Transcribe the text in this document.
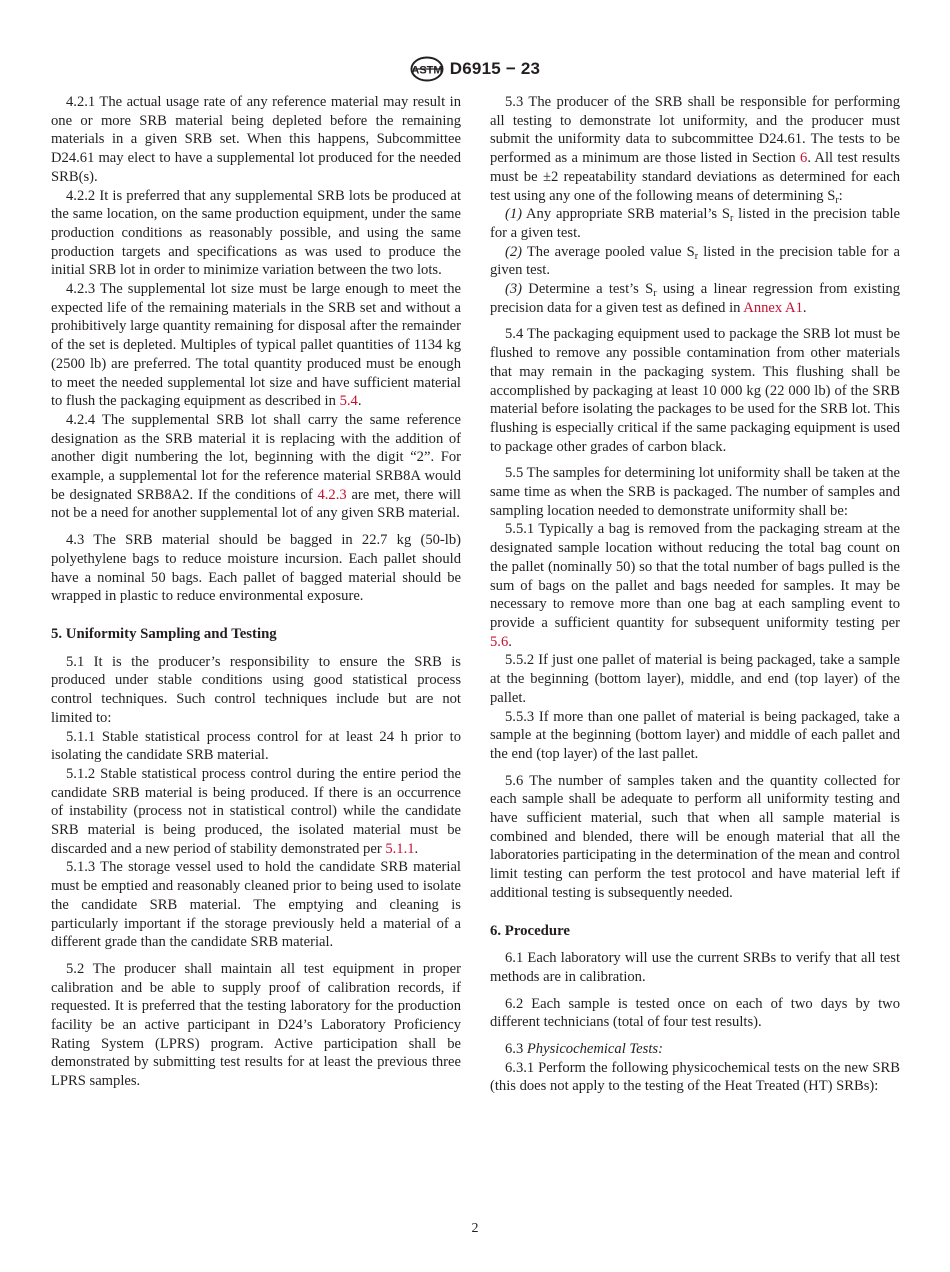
ASTM D6915 − 23

4.2.1 The actual usage rate of any reference material may result in one or more SRB material being depleted before the remaining materials in a given SRB set. When this happens, Subcommittee D24.61 may elect to have a supplemental lot produced for the needed SRB(s).

4.2.2 It is preferred that any supplemental SRB lots be produced at the same location, on the same production equipment, under the same production conditions as reasonably possible, and using the same production targets and specifications as was used to produce the initial SRB lot in order to minimize variation between the two lots.

4.2.3 The supplemental lot size must be large enough to meet the expected life of the remaining materials in the SRB set and without a prohibitively large quantity remaining for disposal after the remainder of the set is depleted. Multiples of typical pallet quantities of 1134 kg (2500 lb) are preferred. The total quantity produced must be enough to meet the needed supplemental lot size and have sufficient material to flush the packaging equipment as described in 5.4.

4.2.4 The supplemental SRB lot shall carry the same reference designation as the SRB material it is replacing with the addition of another digit numbering the lot, beginning with the digit “2”. For example, a supplemental lot for the reference material SRB8A would be designated SRB8A2. If the conditions of 4.2.3 are met, there will not be a need for another supplemental lot of any given SRB material.

4.3 The SRB material should be bagged in 22.7 kg (50-lb) polyethylene bags to reduce moisture incursion. Each pallet should have a nominal 50 bags. Each pallet of bagged material should be wrapped in plastic to reduce environmental exposure.

5. Uniformity Sampling and Testing

5.1 It is the producer’s responsibility to ensure the SRB is produced under stable conditions using good statistical process control techniques. Such control techniques include but are not limited to:

5.1.1 Stable statistical process control for at least 24 h prior to isolating the candidate SRB material.

5.1.2 Stable statistical process control during the entire period the candidate SRB material is being produced. If there is an occurrence of instability (process not in statistical control) while the candidate SRB material is being produced, the isolated material must be discarded and a new period of stability demonstrated per 5.1.1.

5.1.3 The storage vessel used to hold the candidate SRB material must be emptied and reasonably cleaned prior to being used to isolate the candidate SRB material. The emptying and cleaning is particularly important if the storage previously held a material of a different grade than the candidate SRB material.

5.2 The producer shall maintain all test equipment in proper calibration and be able to supply proof of calibration records, if requested. It is preferred that the testing laboratory for the production facility be an active participant in D24’s Laboratory Proficiency Rating System (LPRS) program. Active participation shall be demonstrated by submitting test results for at least the previous three LPRS samples.

5.3 The producer of the SRB shall be responsible for performing all testing to demonstrate lot uniformity, and the producer must submit the uniformity data to subcommittee D24.61. The tests to be performed as a minimum are those listed in Section 6. All test results must be ±2 repeatability standard deviations as determined for each test using any one of the following means of determining $S_r$:

(1) Any appropriate SRB material’s $S_r$ listed in the precision table for a given test.

(2) The average pooled value $S_r$ listed in the precision table for a given test.

(3) Determine a test’s $S_r$ using a linear regression from existing precision data for a given test as defined in Annex A1.

5.4 The packaging equipment used to package the SRB lot must be flushed to remove any possible contamination from other materials that may remain in the packaging system. This flushing shall be accomplished by packaging at least 10 000 kg (22 000 lb) of the SRB material before isolating the packages to be used for the SRB lot. This flushing is especially critical if the same packaging equipment is used to package other grades of carbon black.

5.5 The samples for determining lot uniformity shall be taken at the same time as when the SRB is packaged. The number of samples and sampling location needed to demonstrate uniformity shall be:

5.5.1 Typically a bag is removed from the packaging stream at the designated sample location without reducing the total bag count on the pallet (nominally 50) so that the total number of bags pulled is the sum of bags on the pallet and bags needed for samples. It may be necessary to remove more than one bag at each sampling event to provide a sufficient quantity for subsequent uniformity testing per 5.6.

5.5.2 If just one pallet of material is being packaged, take a sample at the beginning (bottom layer), middle, and end (top layer) of the pallet.

5.5.3 If more than one pallet of material is being packaged, take a sample at the beginning (bottom layer) and middle of each pallet and the end (top layer) of the last pallet.

5.6 The number of samples taken and the quantity collected for each sample shall be adequate to perform all uniformity testing and have sufficient material, such that when all sample material is combined and blended, there will be enough material that all the laboratories participating in the determination of the mean and control limit testing can perform the test protocol and have material left if additional testing is subsequently needed.

6. Procedure

6.1 Each laboratory will use the current SRBs to verify that all test methods are in calibration.

6.2 Each sample is tested once on each of two days by two different technicians (total of four test results).

6.3 Physicochemical Tests:

6.3.1 Perform the following physicochemical tests on the new SRB (this does not apply to the testing of the Heat Treated (HT) SRBs):

2
